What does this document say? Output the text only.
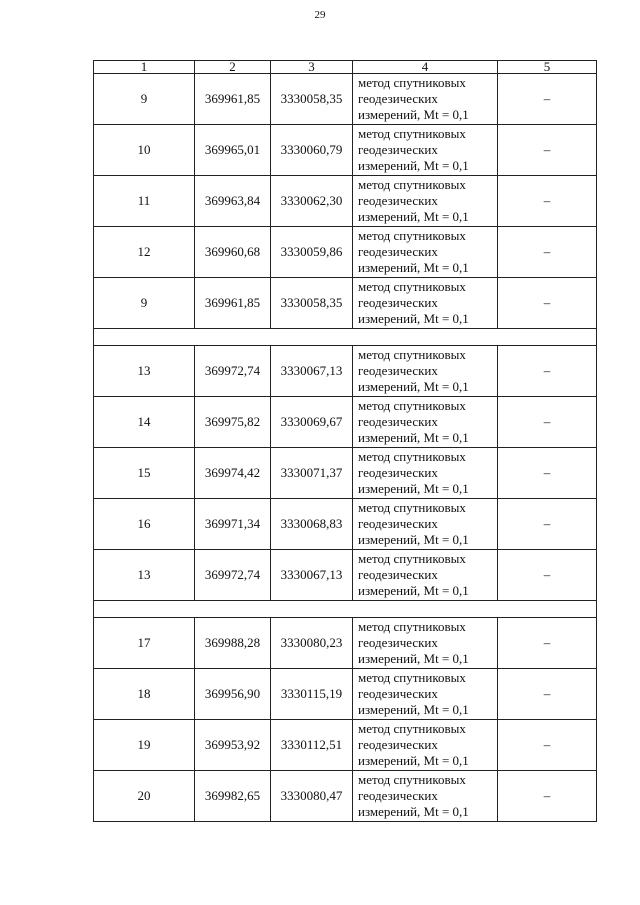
29
1	2	3	4	5
9	369961,85	3330058,35	метод спутниковых
геодезических
измерений, Mt = 0,1	–
10	369965,01	3330060,79	метод спутниковых
геодезических
измерений, Mt = 0,1	–
11	369963,84	3330062,30	метод спутниковых
геодезических
измерений, Mt = 0,1	–
12	369960,68	3330059,86	метод спутниковых
геодезических
измерений, Mt = 0,1	–
9	369961,85	3330058,35	метод спутниковых
геодезических
измерений, Mt = 0,1	–

13	369972,74	3330067,13	метод спутниковых
геодезических
измерений, Mt = 0,1	–
14	369975,82	3330069,67	метод спутниковых
геодезических
измерений, Mt = 0,1	–
15	369974,42	3330071,37	метод спутниковых
геодезических
измерений, Mt = 0,1	–
16	369971,34	3330068,83	метод спутниковых
геодезических
измерений, Mt = 0,1	–
13	369972,74	3330067,13	метод спутниковых
геодезических
измерений, Mt = 0,1	–

17	369988,28	3330080,23	метод спутниковых
геодезических
измерений, Mt = 0,1	–
18	369956,90	3330115,19	метод спутниковых
геодезических
измерений, Mt = 0,1	–
19	369953,92	3330112,51	метод спутниковых
геодезических
измерений, Mt = 0,1	–
20	369982,65	3330080,47	метод спутниковых
геодезических
измерений, Mt = 0,1	–
